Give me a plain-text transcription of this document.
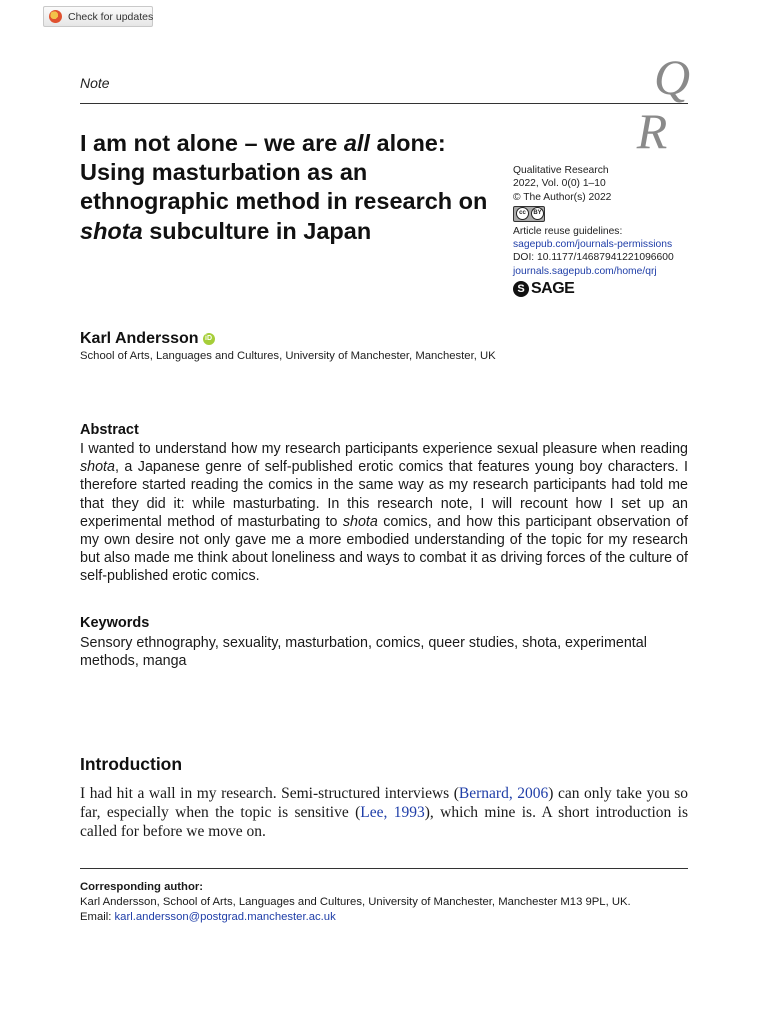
Check for updates
Note	Q
R
I am not alone – we are all alone: Using masturbation as an ethnographic method in research on shota subculture in Japan
Qualitative Research
2022, Vol. 0(0) 1–10
© The Author(s) 2022
cc	BY
Article reuse guidelines:
sagepub.com/journals-permissions
DOI: 10.1177/14687941221096600
journals.sagepub.com/home/qrj
S SAGE
Karl Andersson iD
School of Arts, Languages and Cultures, University of Manchester, Manchester, UK
Abstract

I wanted to understand how my research participants experience sexual pleasure when reading shota, a Japanese genre of self-published erotic comics that features young boy characters. I therefore started reading the comics in the same way as my research participants had told me that they did it: while masturbating. In this research note, I will recount how I set up an experimental method of masturbating to shota comics, and how this participant observation of my own desire not only gave me a more embodied understanding of the topic for my research but also made me think about loneliness and ways to combat it as driving forces of the culture of self-published erotic comics.

Keywords

Sensory ethnography, sexuality, masturbation, comics, queer studies, shota, experimental methods, manga

Introduction

I had hit a wall in my research. Semi-structured interviews (Bernard, 2006) can only take you so far, especially when the topic is sensitive (Lee, 1993), which mine is. A short introduction is called for before we move on.

Corresponding author:
Karl Andersson, School of Arts, Languages and Cultures, University of Manchester, Manchester M13 9PL, UK.
Email: karl.andersson@postgrad.manchester.ac.uk
